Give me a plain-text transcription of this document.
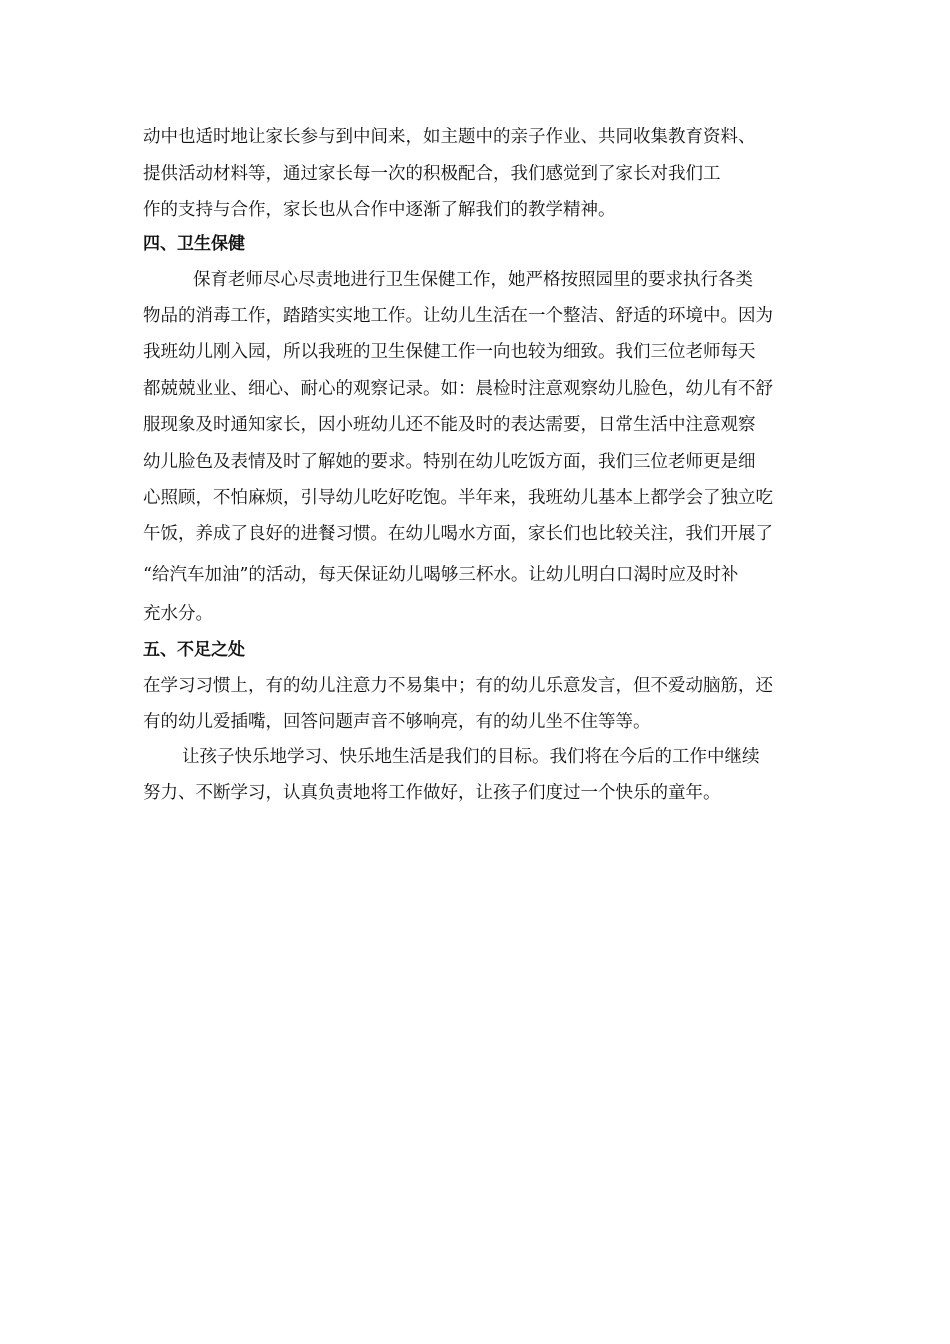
动中也适时地让家长参与到中间来，如主题中的亲子作业、共同收集教育资料、
提供活动材料等，通过家长每一次的积极配合，我们感觉到了家长对我们工
作的支持与合作，家长也从合作中逐渐了解我们的教学精神。
四、卫生保健
保育老师尽心尽责地进行卫生保健工作，她严格按照园里的要求执行各类
物品的消毒工作，踏踏实实地工作。让幼儿生活在一个整洁、舒适的环境中。因为
我班幼儿刚入园，所以我班的卫生保健工作一向也较为细致。我们三位老师每天
都兢兢业业、细心、耐心的观察记录。如：晨检时注意观察幼儿脸色，幼儿有不舒
服现象及时通知家长，因小班幼儿还不能及时的表达需要，日常生活中注意观察
幼儿脸色及表情及时了解她的要求。特别在幼儿吃饭方面，我们三位老师更是细
心照顾，不怕麻烦，引导幼儿吃好吃饱。半年来，我班幼儿基本上都学会了独立吃
午饭，养成了良好的进餐习惯。在幼儿喝水方面，家长们也比较关注，我们开展了
“给汽车加油”的活动，每天保证幼儿喝够三杯水。让幼儿明白口渴时应及时补
充水分。
五、不足之处
在学习习惯上，有的幼儿注意力不易集中；有的幼儿乐意发言，但不爱动脑筋，还
有的幼儿爱插嘴，回答问题声音不够响亮，有的幼儿坐不住等等。
让孩子快乐地学习、快乐地生活是我们的目标。我们将在今后的工作中继续
努力、不断学习，认真负责地将工作做好，让孩子们度过一个快乐的童年。
